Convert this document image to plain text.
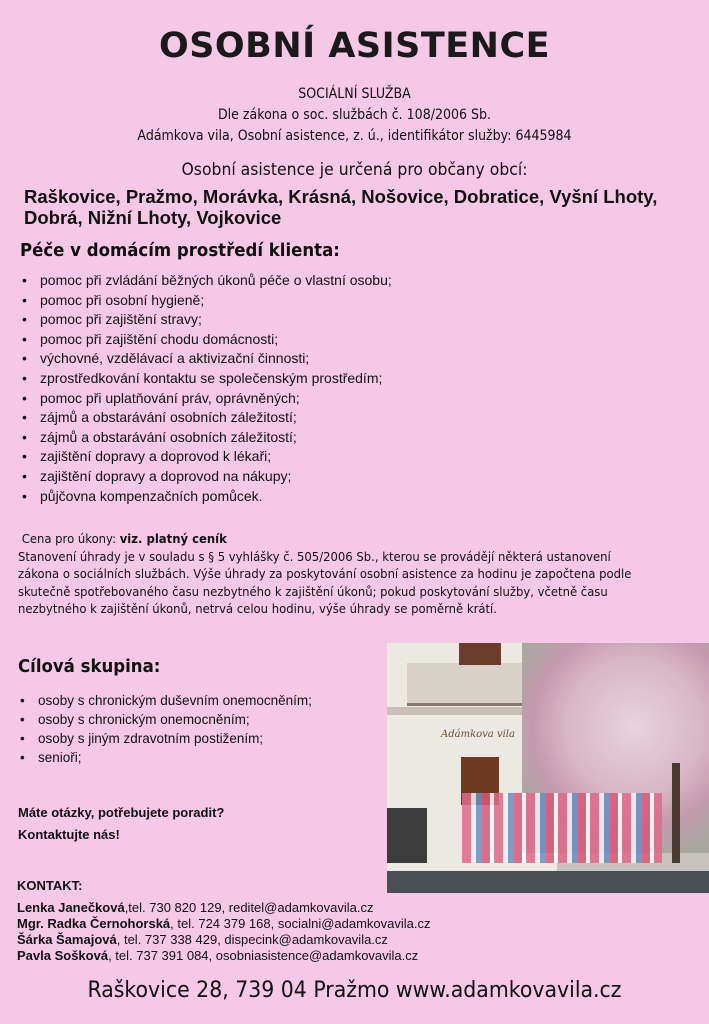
OSOBNÍ ASISTENCE
SOCIÁLNÍ SLUŽBA
Dle zákona o soc. službách č. 108/2006 Sb.
Adámkova vila, Osobní asistence, z. ú., identifikátor služby: 6445984
Osobní asistence je určená pro občany obcí:
Raškovice, Pražmo, Morávka, Krásná, Nošovice, Dobratice, Vyšní Lhoty,
Dobrá, Nižní Lhoty, Vojkovice
Péče v domácím prostředí klienta:
• pomoc při zvládání běžných úkonů péče o vlastní osobu;
• pomoc při osobní hygieně;
• pomoc při zajištění stravy;
• pomoc při zajištění chodu domácnosti;
• výchovné, vzdělávací a aktivizační činnosti;
• zprostředkování kontaktu se společenským prostředím;
• pomoc při uplatňování práv, oprávněných;
• zájmů a obstarávání osobních záležitostí;
• zájmů a obstarávání osobních záležitostí;
• zajištění dopravy a doprovod k lékaři;
• zajištění dopravy a doprovod na nákupy;
• půjčovna kompenzačních pomůcek.
Cena pro úkony: viz. platný ceník
Stanovení úhrady je v souladu s § 5 vyhlášky č. 505/2006 Sb., kterou se provádějí některá ustanovení zákona o sociálních službách. Výše úhrady za poskytování osobní asistence za hodinu je započtena podle skutečně spotřebovaného času nezbytného k zajištění úkonů; pokud poskytování služby, včetně času nezbytného k zajištění úkonů, netrvá celou hodinu, výše úhrady se poměrně krátí.
Cílová skupina:
• osoby s chronickým duševním onemocněním;
• osoby s chronickým onemocněním;
• osoby s jiným zdravotním postižením;
• senioři;
Máte otázky, potřebujete poradit?
Kontaktujte nás!
Adámkova vila
KONTAKT:
Lenka Janečková,tel. 730 820 129, reditel@adamkovavila.cz
Mgr. Radka Černohorská, tel. 724 379 168, socialni@adamkovavila.cz
Šárka Šamajová, tel. 737 338 429, dispecink@adamkovavila.cz
Pavla Sošková, tel. 737 391 084, osobniasistence@adamkovavila.cz
Raškovice 28, 739 04 Pražmo www.adamkovavila.cz
